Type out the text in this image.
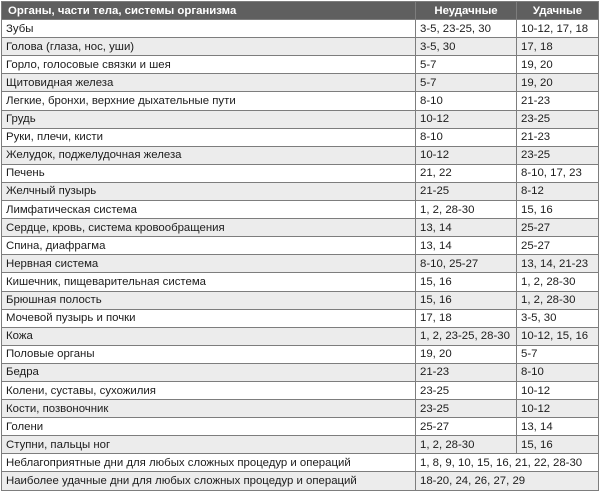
Органы, части тела, системы организма	Неудачные	Удачные
Зубы	3-5, 23-25, 30	10-12, 17, 18
Голова (глаза, нос, уши)	3-5, 30	17, 18
Горло, голосовые связки и шея	5-7	19, 20
Щитовидная железа	5-7	19, 20
Легкие, бронхи, верхние дыхательные пути	8-10	21-23
Грудь	10-12	23-25
Руки, плечи, кисти	8-10	21-23
Желудок, поджелудочная железа	10-12	23-25
Печень	21, 22	8-10, 17, 23
Желчный пузырь	21-25	8-12
Лимфатическая система	1, 2, 28-30	15, 16
Сердце, кровь, система кровообращения	13, 14	25-27
Спина, диафрагма	13, 14	25-27
Нервная система	8-10, 25-27	13, 14, 21-23
Кишечник, пищеварительная система	15, 16	1, 2, 28-30
Брюшная полость	15, 16	1, 2, 28-30
Мочевой пузырь и почки	17, 18	3-5, 30
Кожа	1, 2, 23-25, 28-30	10-12, 15, 16
Половые органы	19, 20	5-7
Бедра	21-23	8-10
Колени, суставы, сухожилия	23-25	10-12
Кости, позвоночник	23-25	10-12
Голени	25-27	13, 14
Ступни, пальцы ног	1, 2, 28-30	15, 16
Неблагоприятные дни для любых сложных процедур и операций	1, 8, 9, 10, 15, 16, 21, 22, 28-30	
Наиболее удачные дни для любых сложных процедур и операций	18-20, 24, 26, 27, 29	
